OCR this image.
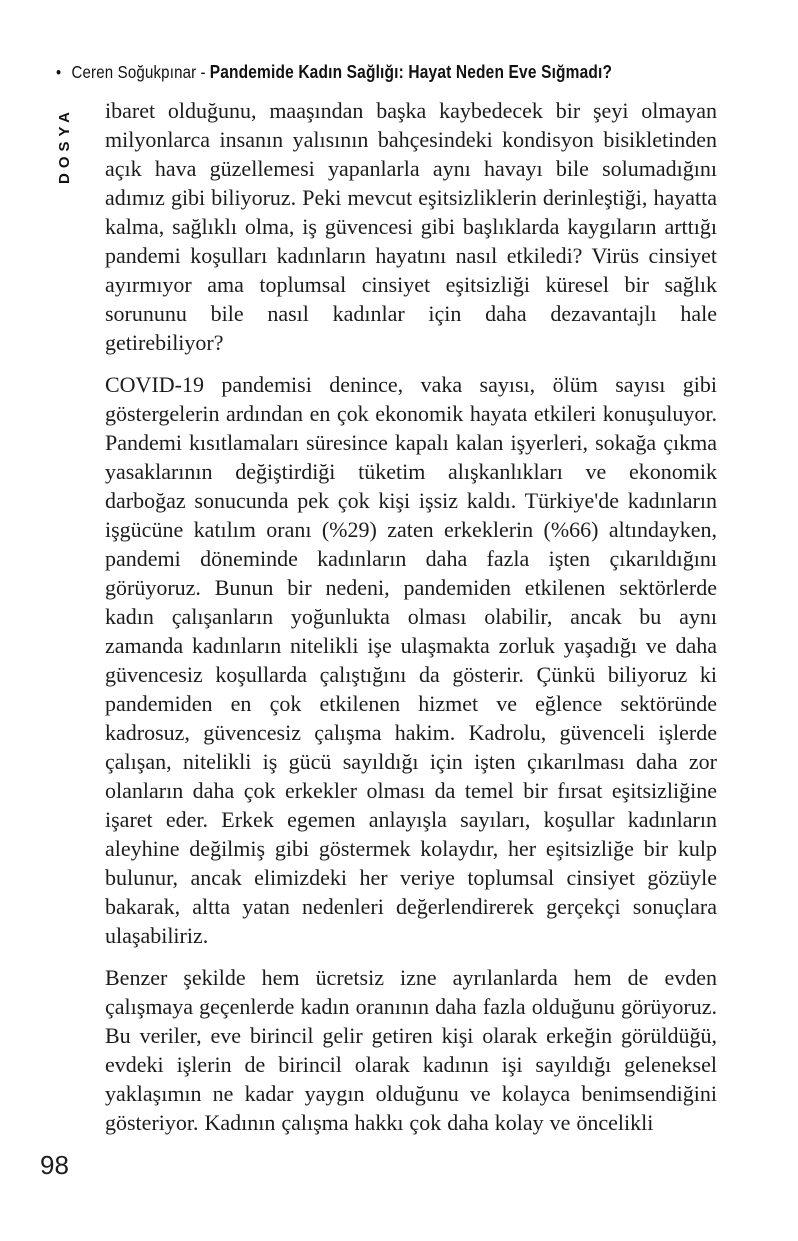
• Ceren Soğukpınar - Pandemide Kadın Sağlığı: Hayat Neden Eve Sığmadı?
DOSYA ibaret olduğunu, maaşından başka kaybedecek bir şeyi olmayan milyonlarca insanın yalısının bahçesindeki kondisyon bisikletinden açık hava güzellemesi yapanlarla aynı havayı bile solumadığını adımız gibi biliyoruz. Peki mevcut eşitsizliklerin derinleştiği, hayatta kalma, sağlıklı olma, iş güvencesi gibi başlıklarda kaygıların arttığı pandemi koşulları kadınların hayatını nasıl etkiledi? Virüs cinsiyet ayırmıyor ama toplumsal cinsiyet eşitsizliği küresel bir sağlık sorununu bile nasıl kadınlar için daha dezavantajlı hale getirebiliyor?

COVID-19 pandemisi denince, vaka sayısı, ölüm sayısı gibi göstergelerin ardından en çok ekonomik hayata etkileri konuşuluyor. Pandemi kısıtlamaları süresince kapalı kalan işyerleri, sokağa çıkma yasaklarının değiştirdiği tüketim alışkanlıkları ve ekonomik darboğaz sonucunda pek çok kişi işsiz kaldı. Türkiye'de kadınların işgücüne katılım oranı (%29) zaten erkeklerin (%66) altındayken, pandemi döneminde kadınların daha fazla işten çıkarıldığını görüyoruz. Bunun bir nedeni, pandemiden etkilenen sektörlerde kadın çalışanların yoğunlukta olması olabilir, ancak bu aynı zamanda kadınların nitelikli işe ulaşmakta zorluk yaşadığı ve daha güvencesiz koşullarda çalıştığını da gösterir. Çünkü biliyoruz ki pandemiden en çok etkilenen hizmet ve eğlence sektöründe kadrosuz, güvencesiz çalışma hakim. Kadrolu, güvenceli işlerde çalışan, nitelikli iş gücü sayıldığı için işten çıkarılması daha zor olanların daha çok erkekler olması da temel bir fırsat eşitsizliğine işaret eder. Erkek egemen anlayışla sayıları, koşullar kadınların aleyhine değilmiş gibi göstermek kolaydır, her eşitsizliğe bir kulp bulunur, ancak elimizdeki her veriye toplumsal cinsiyet gözüyle bakarak, altta yatan nedenleri değerlendirerek gerçekçi sonuçlara ulaşabiliriz.

Benzer şekilde hem ücretsiz izne ayrılanlarda hem de evden çalışmaya geçenlerde kadın oranının daha fazla olduğunu görüyoruz. Bu veriler, eve birincil gelir getiren kişi olarak erkeğin görüldüğü, evdeki işlerin de birincil olarak kadının işi sayıldığı geleneksel yaklaşımın ne kadar yaygın olduğunu ve kolayca benimsendiğini gösteriyor. Kadının çalışma hakkı çok daha kolay ve öncelikli

98
